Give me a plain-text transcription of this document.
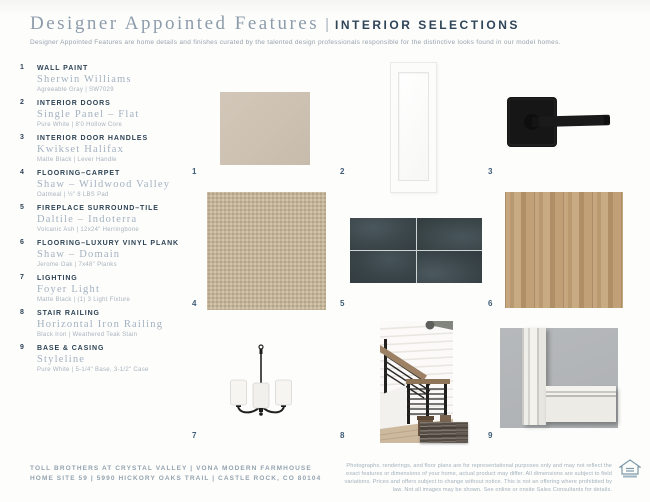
Designer Appointed Features | INTERIOR SELECTIONS
Designer Appointed Features are home details and finishes curated by the talented design professionals responsible for the distinctive looks found in our model homes.
1 WALL PAINT
Sherwin Williams
Agreeable Gray | SW7029
2 INTERIOR DOORS
Single Panel – Flat
Pure White | 8'0 Hollow Core
3 INTERIOR DOOR HANDLES
Kwikset Halifax
Matte Black | Lever Handle
4 FLOORING–CARPET
Shaw – Wildwood Valley
Oatmeal | ½" 8 LBS Pad
5 FIREPLACE SURROUND–TILE
Daltile – Indoterra
Volcanic Ash | 12x24" Herringbone
6 FLOORING–LUXURY VINYL PLANK
Shaw – Domain
Jerome Oak | 7x48" Planks
7 LIGHTING
Foyer Light
Matte Black | (1) 3 Light Fixture
8 STAIR RAILING
Horizontal Iron Railing
Black Iron | Weathered Teak Stain
9 BASE & CASING
Styleline
Pure White | 5-1/4" Base, 3-1/2" Case
1	2	3
4	5	6
7	8	9
TOLL BROTHERS AT CRYSTAL VALLEY | VONA MODERN FARMHOUSE
HOME SITE 59 | 5990 HICKORY OAKS TRAIL | CASTLE ROCK, CO 80104
Photographs, renderings, and floor plans are for representational purposes only and may not reflect the exact features or dimensions of your home, actual product may differ. All dimensions are subject to field variations. Prices and offers subject to change without notice. This is not an offering where prohibited by law. Not all images may be shown. See online or onsite Sales Consultants for details.
